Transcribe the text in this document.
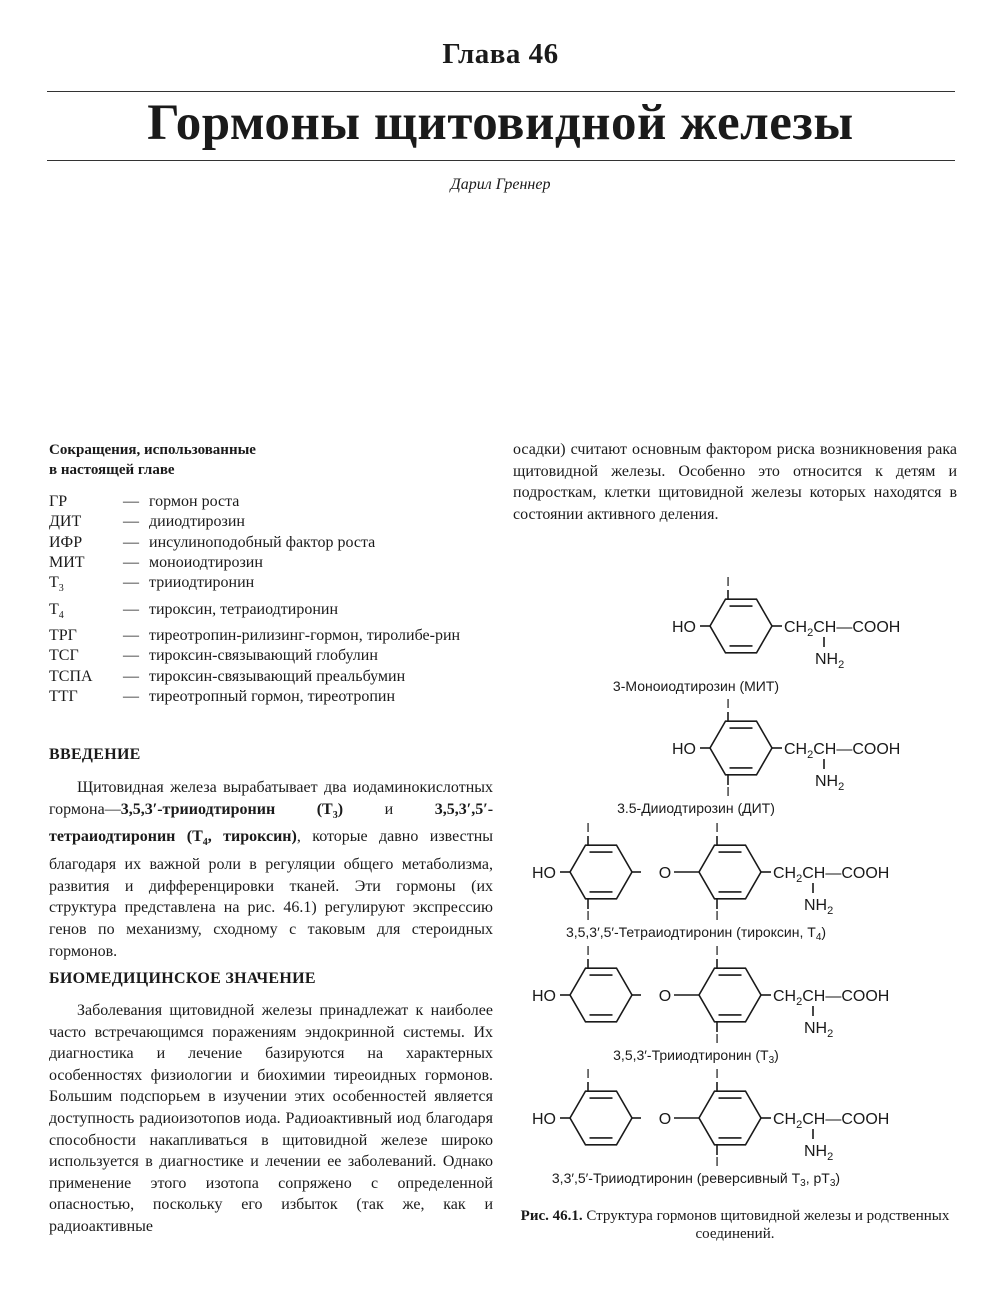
Глава 46
Гормоны щитовидной железы
Дарил Греннер
Сокращения, использованные
в настоящей главе
ГР	— гормон роста
ДИТ	— дииодтирозин
ИФР	— инсулиноподобный фактор роста
МИТ — моноиодтирозин
$T_3$	— трииодтиронин
$T_4$	— тироксин, тетраиодтиронин
ТРГ	— тиреотропин-рилизинг-гормон, тиролибе-рин
ТСГ	— тироксин-связывающий глобулин
ТСПА — тироксин-связывающий преальбумин
ТТГ	— тиреотропный гормон, тиреотропин
ВВЕДЕНИЕ

Щитовидная железа вырабатывает два иодаминокислотных гормона—3,5,3′-трииодтиронин $(T_3)$ и 3,5,3′,5′-тетраиодтиронин ($T_4$, тироксин), которые давно известны благодаря их важной роли в регуляции общего метаболизма, развития и дифференцировки тканей. Эти гормоны (их структура представлена на рис. 46.1) регулируют экспрессию генов по механизму, сходному с таковым для стероидных гормонов.

БИОМЕДИЦИНСКОЕ ЗНАЧЕНИЕ

Заболевания щитовидной железы принадлежат к наиболее часто встречающимся поражениям эндокринной системы. Их диагностика и лечение базируются на характерных особенностях физиологии и биохимии тиреоидных гормонов. Большим подспорьем в изучении этих особенностей является доступность радиоизотопов иода. Радиоактивный иод благодаря способности накапливаться в щитовидной железе широко используется в диагностике и лечении ее заболеваний. Однако применение этого изотопа сопряжено с определенной опасностью, поскольку его избыток (так же, как и радиоактивные

осадки) считают основным фактором риска возникновения рака щитовидной железы. Особенно это относится к детям и подросткам, клетки щитовидной железы которых находятся в состоянии активного деления.

HO
I
$CH_2CH—COOH$
$NH_2$
3-Моноиодтирозин (МИТ)
HO
I
I
$CH_2CH—COOH$
$NH_2$
3.5-Дииодтирозин (ДИТ)
HO	O
I
I
I
I
$CH_2CH—COOH$
$NH_2$
3,5,3′,5′-Тетраиодтиронин (тироксин, $T_4$)
HO	O
I	I
I
$CH_2CH—COOH$
$NH_2$
3,5,3′-Трииодтиронин $(T_3)$
HO	O
I	I
I
$CH_2CH—COOH$
$NH_2$
3,3′,5′-Трииодтиронин (реверсивный $T_3$, $pT_3$)
Рис. 46.1. Структура гормонов щитовидной железы и родственных соединений.
